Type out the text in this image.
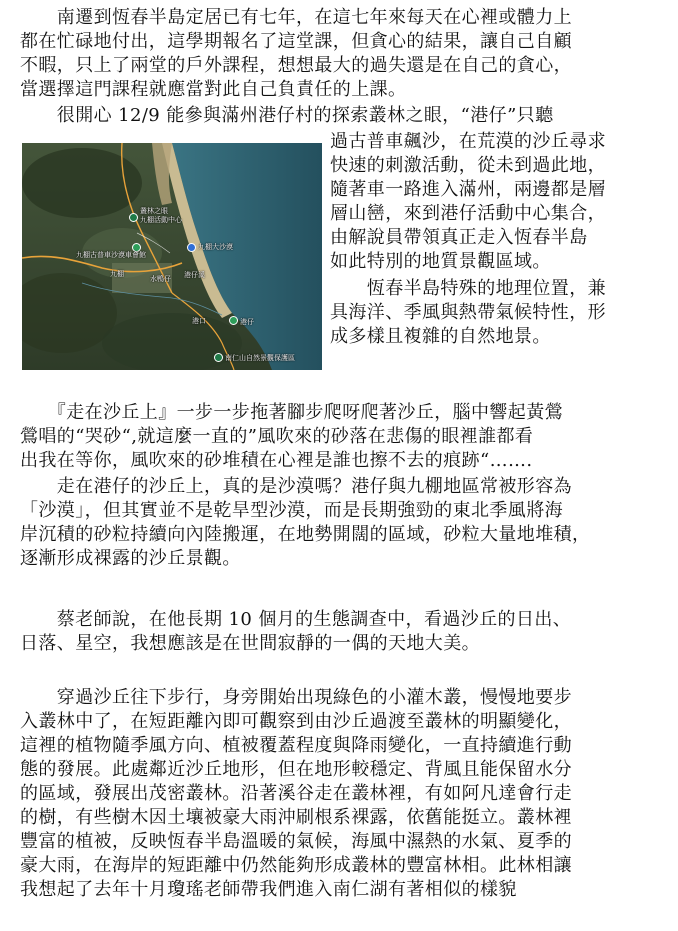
　　南遷到恆春半島定居已有七年，在這七年來每天在心裡或體力上

都在忙碌地付出，這學期報名了這堂課，但貪心的結果，讓自己自顧

不暇，只上了兩堂的戶外課程，想想最大的過失還是在自己的貪心，

當選擇這門課程就應當對此自己負責任的上課。

　　很開心 12/9 能參與滿州港仔村的探索叢林之眼，“港仔”只聽

叢林之眼
九棚活動中心
九棚古普車沙漠車會館
九棚大沙漠
九棚
水鴨仔 港仔溪
港口	港仔
南仁山自然景觀保護區

過古普車飆沙，在荒漠的沙丘尋求

快速的刺激活動，從未到過此地，

隨著車一路進入滿州，兩邊都是層

層山巒，來到港仔活動中心集合，

由解說員帶領真正走入恆春半島

如此特別的地質景觀區域。

　　恆春半島特殊的地理位置，兼

具海洋、季風與熱帶氣候特性，形

成多樣且複雜的自然地景。

　　『走在沙丘上』一步一步拖著腳步爬呀爬著沙丘，腦中響起黃鶯

鶯唱的“哭砂“,就這麼一直的”風吹來的砂落在悲傷的眼裡誰都看

出我在等你，風吹來的砂堆積在心裡是誰也擦不去的痕跡“…….

　　走在港仔的沙丘上，真的是沙漠嗎？港仔與九棚地區常被形容為

「沙漠」，但其實並不是乾旱型沙漠，而是長期強勁的東北季風將海

岸沉積的砂粒持續向內陸搬運，在地勢開闊的區域，砂粒大量地堆積，

逐漸形成裸露的沙丘景觀。

　　蔡老師說，在他長期 10 個月的生態調查中，看過沙丘的日出、

日落、星空，我想應該是在世間寂靜的一偶的天地大美。

　　穿過沙丘往下步行，身旁開始出現綠色的小灌木叢，慢慢地要步

入叢林中了，在短距離內即可觀察到由沙丘過渡至叢林的明顯變化，

這裡的植物隨季風方向、植被覆蓋程度與降雨變化，一直持續進行動

態的發展。此處鄰近沙丘地形，但在地形較穩定、背風且能保留水分

的區域，發展出茂密叢林。沿著溪谷走在叢林裡，有如阿凡達會行走

的樹，有些樹木因土壤被豪大雨沖刷根系裸露，依舊能挺立。叢林裡

豐富的植被，反映恆春半島溫暖的氣候，海風中濕熱的水氣、夏季的

豪大雨，在海岸的短距離中仍然能夠形成叢林的豐富林相。此林相讓

我想起了去年十月瓊瑤老師帶我們進入南仁湖有著相似的樣貌
